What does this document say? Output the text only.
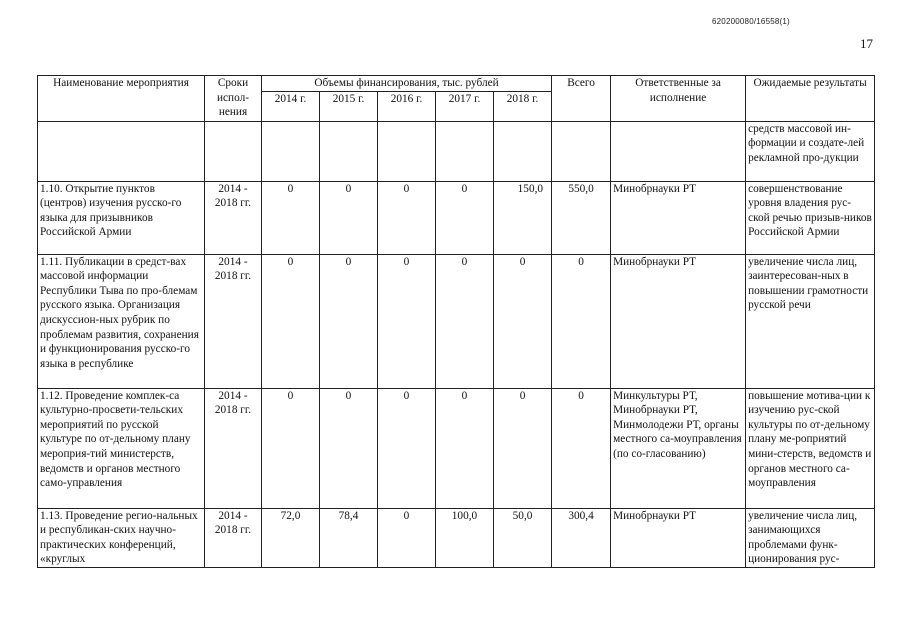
620200080/16558(1)
17
Наименование мероприятия	Сроки испол-нения	Объемы финансирования, тыс. рублей					Всего	Ответственные за исполнение	Ожидаемые результаты
		2014 г.	2015 г.	2016 г.	2017 г.	2018 г.			
									средств массовой ин-формации и создате-лей рекламной про-дукции
1.10. Открытие пунктов (центров) изучения русско-го языка для призывников Российской Армии	2014 - 2018 гг.	0	0	0	0	150,0	550,0	Минобрнауки РТ	совершенствование уровня владения рус-ской речью призыв-ников Российской Армии
1.11. Публикации в средст-вах массовой информации Республики Тыва по про-блемам русского языка. Организация дискуссион-ных рубрик по проблемам развития, сохранения и функционирования русско-го языка в республике	2014 - 2018 гг.	0	0	0	0	0	0	Минобрнауки РТ	увеличение числа лиц, заинтересован-ных в повышении грамотности русской речи
1.12. Проведение комплек-са культурно-просвети-тельских мероприятий по русской культуре по от-дельному плану мероприя-тий министерств, ведомств и органов местного само-управления	2014 - 2018 гг.	0	0	0	0	0	0	Минкультуры РТ, Минобрнауки РТ, Минмолодежи РТ, органы местного са-моуправления (по со-гласованию)	повышение мотива-ции к изучению рус-ской культуры по от-дельному плану ме-роприятий мини-стерств, ведомств и органов местного са-моуправления
1.13. Проведение регио-нальных и республикан-ских научно-практических конференций, «круглых	2014 - 2018 гг.	72,0	78,4	0	100,0	50,0	300,4	Минобрнауки РТ	увеличение числа лиц, занимающихся проблемами функ-ционирования рус-
